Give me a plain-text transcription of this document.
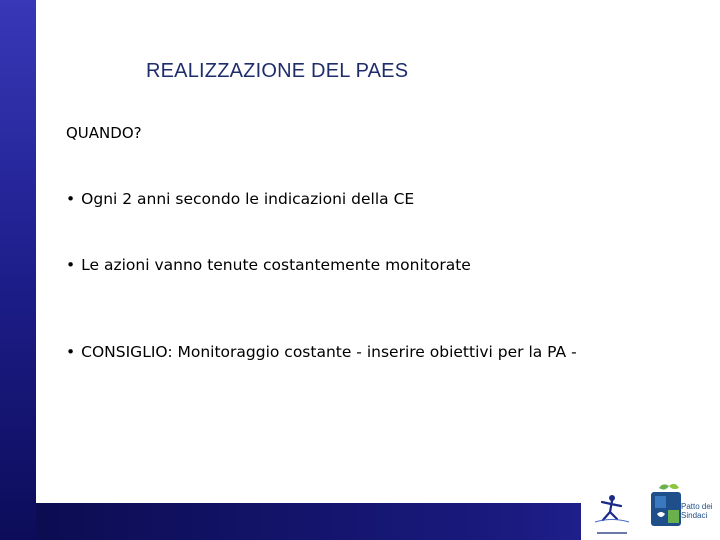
REALIZZAZIONE DEL PAES
QUANDO?
• Ogni 2 anni secondo le indicazioni della CE
• Le azioni vanno tenute costantemente monitorate
• CONSIGLIO: Monitoraggio costante - inserire obiettivi per la PA -
Patto dei
Sindaci
